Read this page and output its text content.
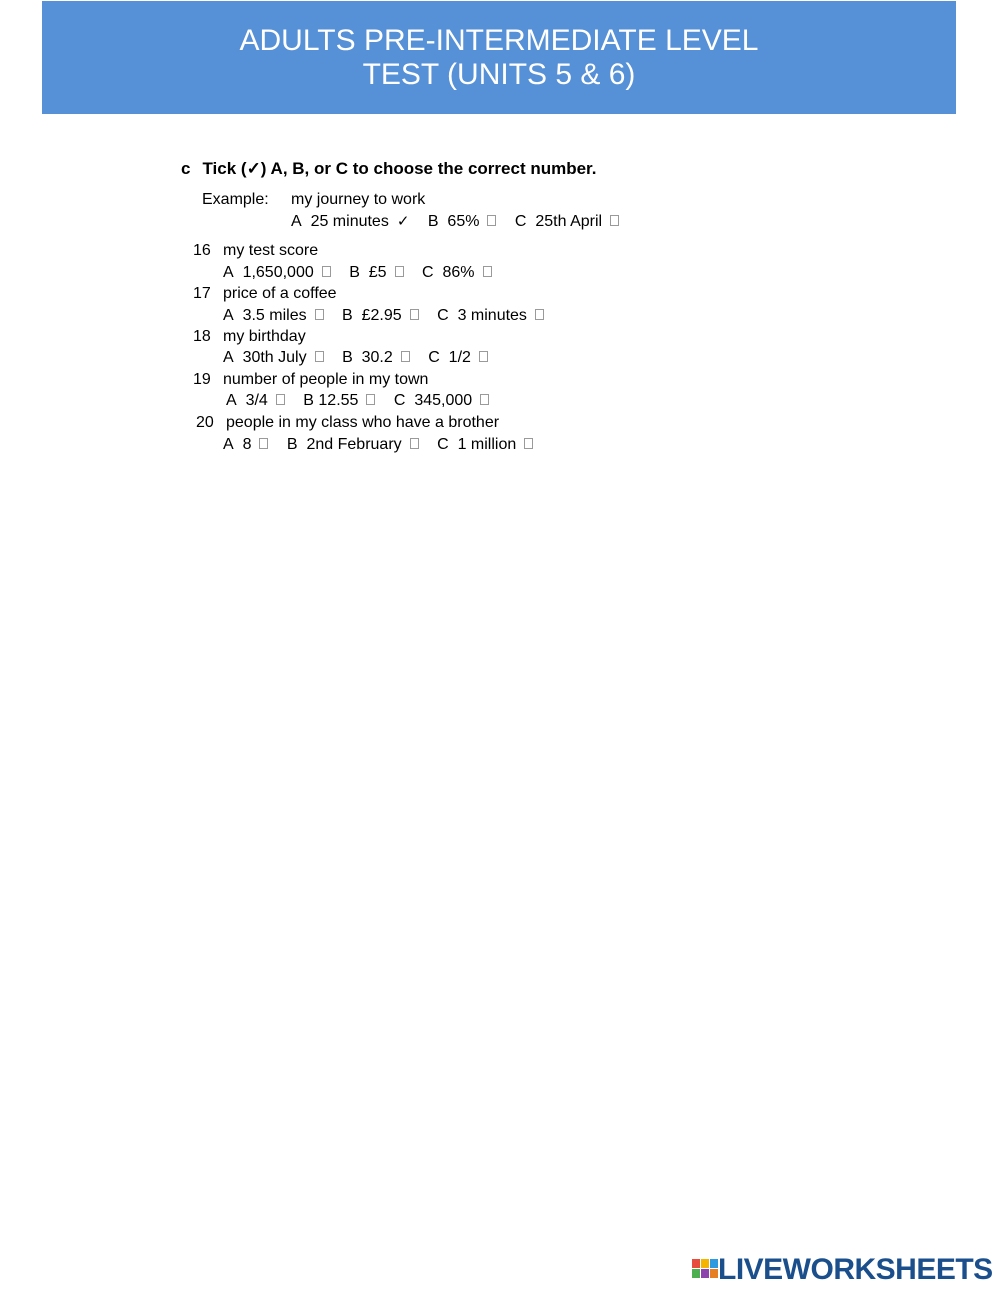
ADULTS PRE-INTERMEDIATE LEVEL
TEST (UNITS 5 & 6)
c Tick (✓) A, B, or C to choose the correct number.
Example: my journey to work
A 25 minutes ✓ B 65% C 25th April
16 my test score
A 1,650,000 B £5 C 86%
17 price of a coffee
A 3.5 miles B £2.95 C 3 minutes
18 my birthday
A 30th July B 30.2 C 1/2
19 number of people in my town
A 3/4 B 12.55 C 345,000
20 people in my class who have a brother
A 8 B 2nd February C 1 million
LIVEWORKSHEETS
